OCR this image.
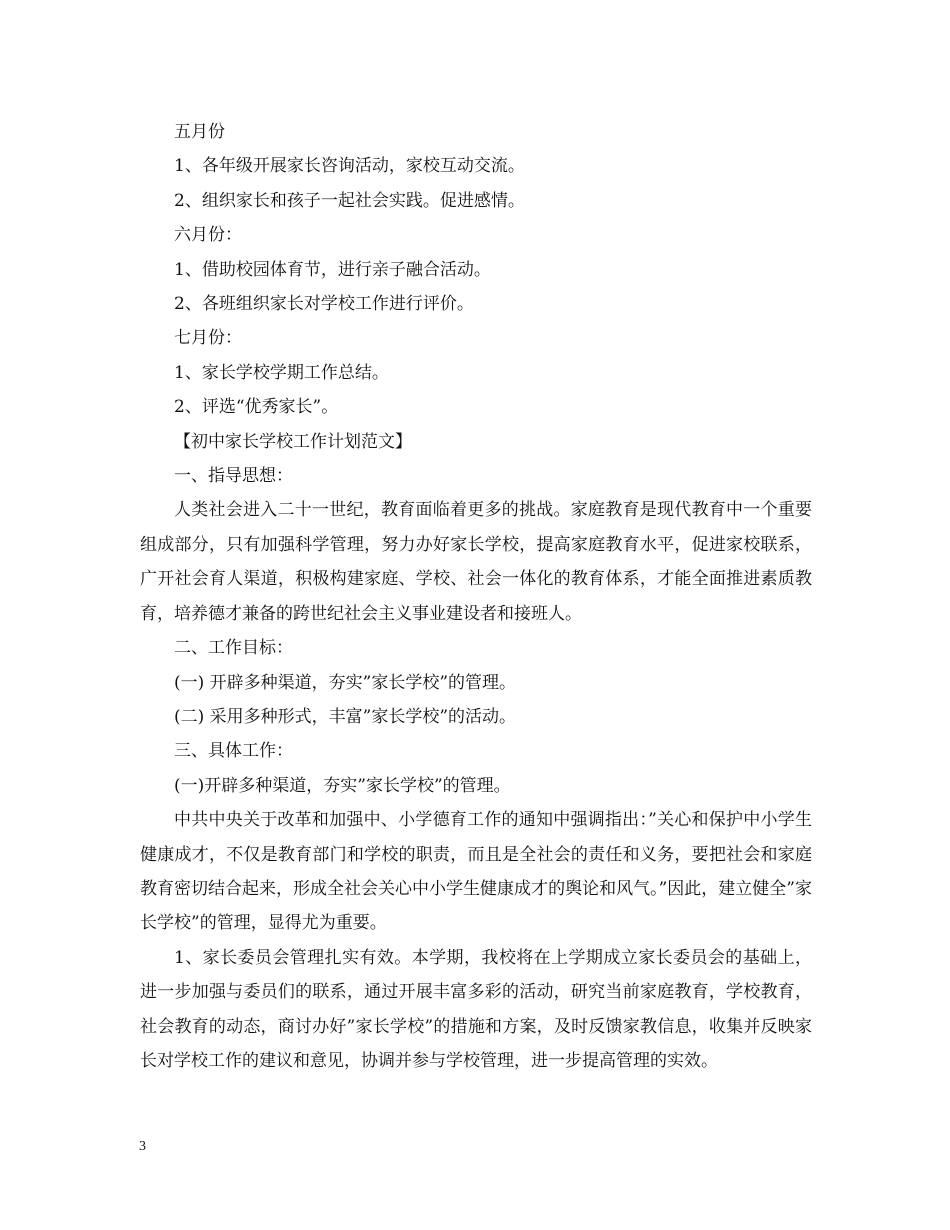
五月份

1、各年级开展家长咨询活动，家校互动交流。

2、组织家长和孩子一起社会实践。促进感情。

六月份：

1、借助校园体育节，进行亲子融合活动。

2、各班组织家长对学校工作进行评价。

七月份：

1、家长学校学期工作总结。

2、评选“优秀家长”。

【初中家长学校工作计划范文】

一、指导思想：

人类社会进入二十一世纪，教育面临着更多的挑战。家庭教育是现代教育中一个重要组成部分，只有加强科学管理，努力办好家长学校，提高家庭教育水平，促进家校联系，广开社会育人渠道，积极构建家庭、学校、社会一体化的教育体系，才能全面推进素质教育，培养德才兼备的跨世纪社会主义事业建设者和接班人。

二、工作目标：

(一) 开辟多种渠道，夯实”家长学校”的管理。

(二) 采用多种形式，丰富”家长学校”的活动。

三、具体工作：

(一)开辟多种渠道，夯实”家长学校”的管理。

中共中央关于改革和加强中、小学德育工作的通知中强调指出：”关心和保护中小学生健康成才，不仅是教育部门和学校的职责，而且是全社会的责任和义务，要把社会和家庭教育密切结合起来，形成全社会关心中小学生健康成才的舆论和风气。”因此，建立健全”家长学校”的管理，显得尤为重要。

1、家长委员会管理扎实有效。本学期，我校将在上学期成立家长委员会的基础上，进一步加强与委员们的联系，通过开展丰富多彩的活动，研究当前家庭教育，学校教育，社会教育的动态，商讨办好”家长学校”的措施和方案，及时反馈家教信息，收集并反映家长对学校工作的建议和意见，协调并参与学校管理，进一步提高管理的实效。

3
